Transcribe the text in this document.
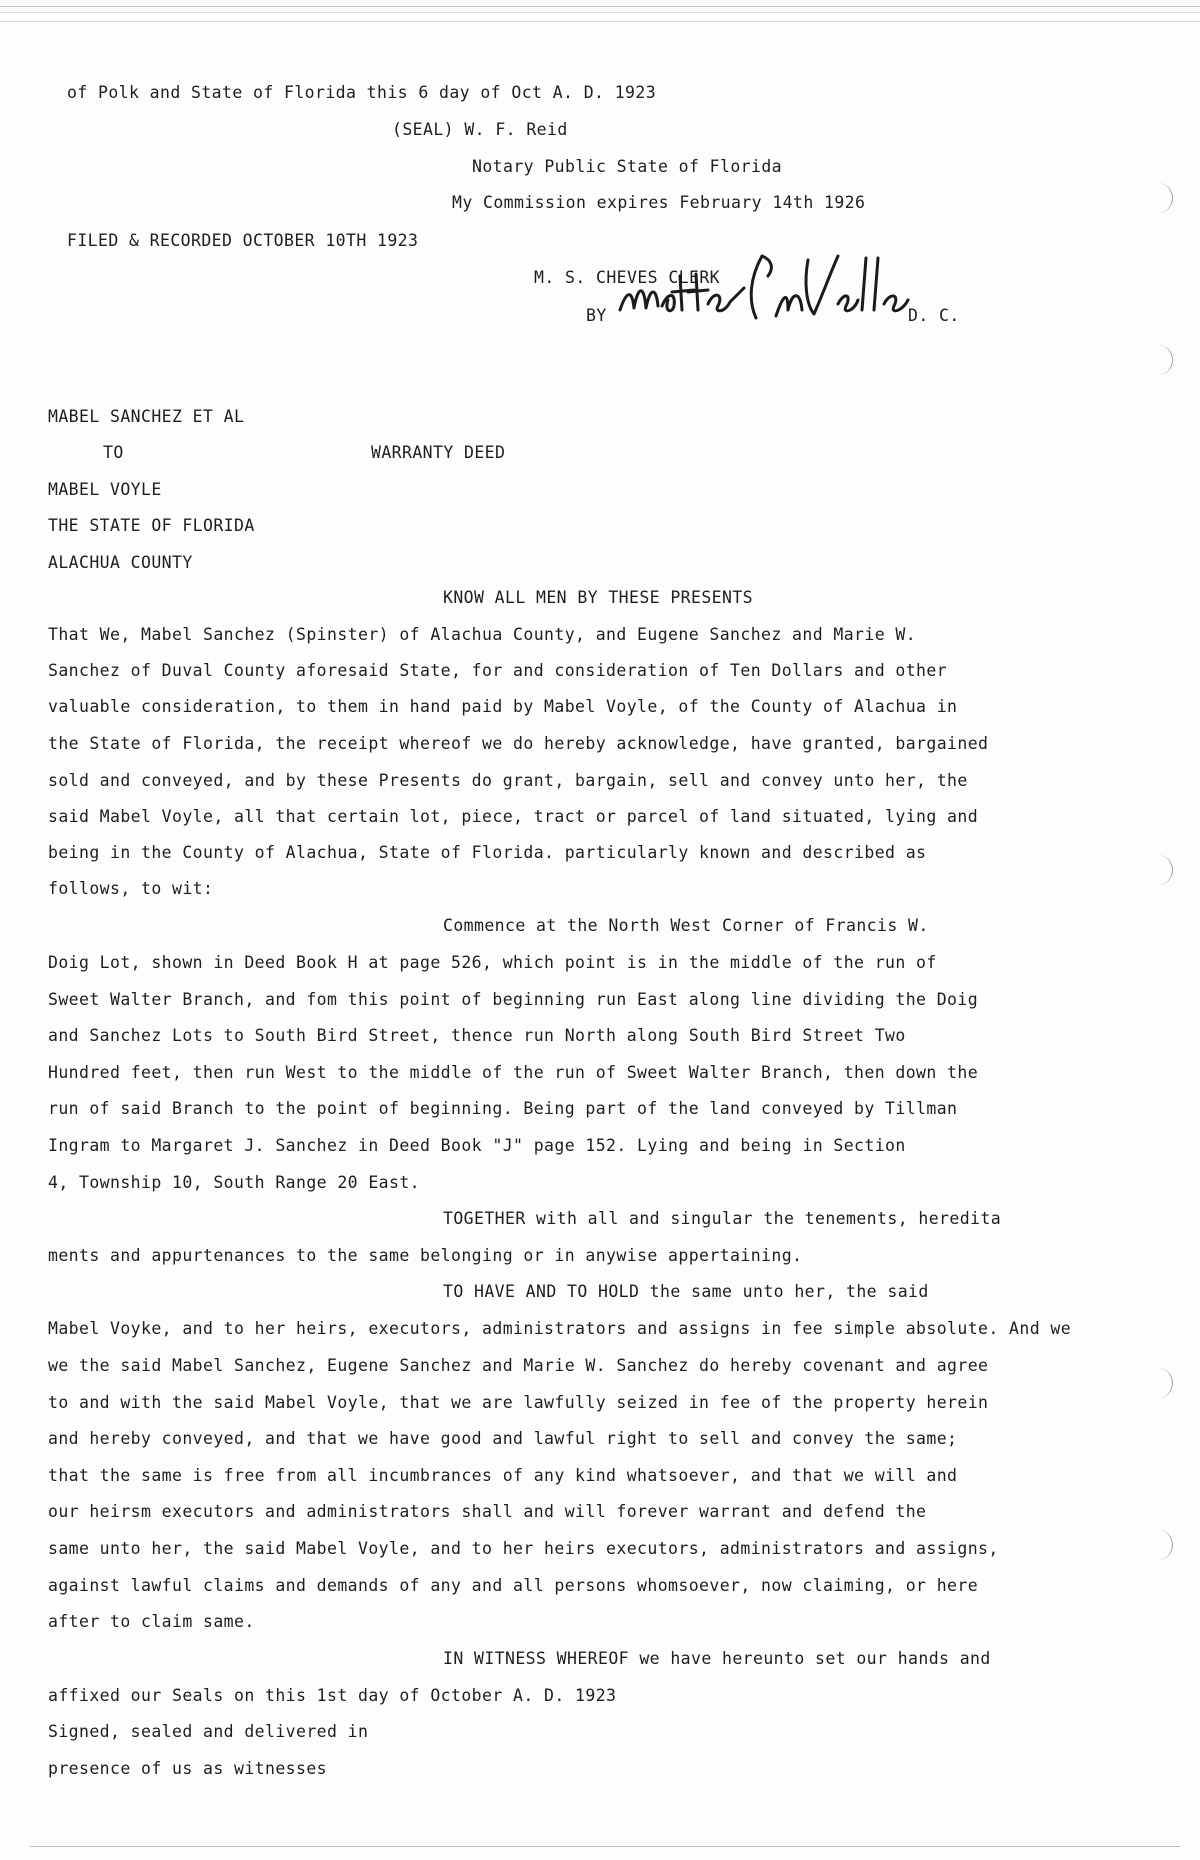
of Polk and State of Florida this 6 day of Oct A. D. 1923
(SEAL) W. F. Reid
Notary Public State of Florida
My Commission expires February 14th 1926
FILED & RECORDED OCTOBER 10TH 1923
M. S. CHEVES CLERK
BY	D. C.
MABEL SANCHEZ ET AL
TO	WARRANTY DEED
MABEL VOYLE
THE STATE OF FLORIDA
ALACHUA COUNTY
KNOW ALL MEN BY THESE PRESENTS
That We, Mabel Sanchez (Spinster) of Alachua County, and Eugene Sanchez and Marie W.
Sanchez of Duval County aforesaid State, for and consideration of Ten Dollars and other
valuable consideration, to them in hand paid by Mabel Voyle, of the County of Alachua in
the State of Florida, the receipt whereof we do hereby acknowledge, have granted, bargained
sold and conveyed, and by these Presents do grant, bargain, sell and convey unto her, the
said Mabel Voyle, all that certain lot, piece, tract or parcel of land situated, lying and
being in the County of Alachua, State of Florida. particularly known and described as
follows, to wit:
Commence at the North West Corner of Francis W.
Doig Lot, shown in Deed Book H at page 526, which point is in the middle of the run of
Sweet Walter Branch, and fom this point of beginning run East along line dividing the Doig
and Sanchez Lots to South Bird Street, thence run North along South Bird Street Two
Hundred feet, then run West to the middle of the run of Sweet Walter Branch, then down the
run of said Branch to the point of beginning. Being part of the land conveyed by Tillman
Ingram to Margaret J. Sanchez in Deed Book "J" page 152. Lying and being in Section
4, Township 10, South Range 20 East.
TOGETHER with all and singular the tenements, heredita
ments and appurtenances to the same belonging or in anywise appertaining.
TO HAVE AND TO HOLD the same unto her, the said
Mabel Voyke, and to her heirs, executors, administrators and assigns in fee simple absolute. And we
we the said Mabel Sanchez, Eugene Sanchez and Marie W. Sanchez do hereby covenant and agree
to and with the said Mabel Voyle, that we are lawfully seized in fee of the property herein
and hereby conveyed, and that we have good and lawful right to sell and convey the same;
that the same is free from all incumbrances of any kind whatsoever, and that we will and
our heirsm executors and administrators shall and will forever warrant and defend the
same unto her, the said Mabel Voyle, and to her heirs executors, administrators and assigns,
against lawful claims and demands of any and all persons whomsoever, now claiming, or here
after to claim same.
IN WITNESS WHEREOF we have hereunto set our hands and
affixed our Seals on this 1st day of October A. D. 1923
Signed, sealed and delivered in
presence of us as witnesses
